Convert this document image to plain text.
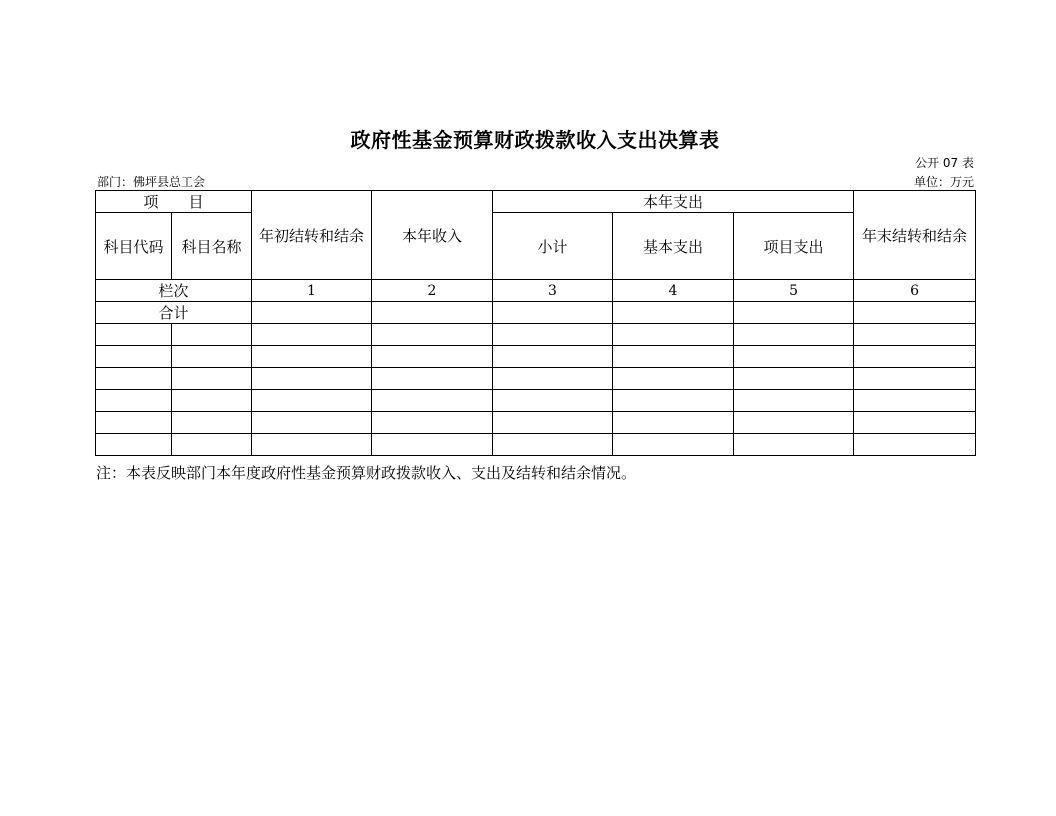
政府性基金预算财政拨款收入支出决算表
公开 07 表
部门：佛坪县总工会	单位：万元
项　　目		年初结转和结余	本年收入	本年支出			年末结转和结余
科目代码	科目名称			小计	基本支出	项目支出	
栏次		1	2	3	4	5	6
合计							

注：本表反映部门本年度政府性基金预算财政拨款收入、支出及结转和结余情况。
